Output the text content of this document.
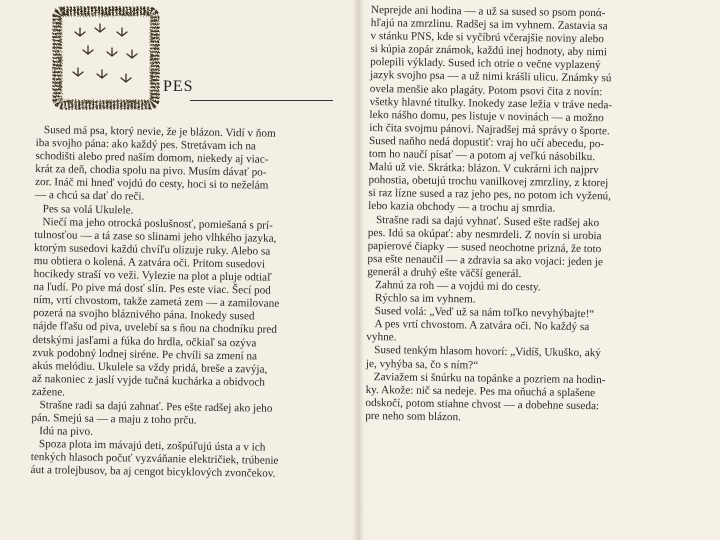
PES
Sused má psa, ktorý nevie, že je blázon. Vidí v ňom
iba svojho pána: ako každý pes. Stretávam ich na
schodišti alebo pred naším domom, niekedy aj viac-
krát za deň, chodia spolu na pivo. Musím dávať po-
zor. Ináč mi hneď vojdú do cesty, hoci si to neželám
— a chcú sa dať do reči.
Pes sa volá Ukulele.
Niečí ma jeho otrocká poslušnosť, pomiešaná s prí-
tulnosťou — a tá zase so slinami jeho vlhkého jazyka,
ktorým susedovi každú chvíľu olizuje ruky. Alebo sa
mu obtiera o kolená. A zatvára oči. Pritom susedovi
hocikedy straší vo veži. Vylezie na plot a pluje odtiaľ
na ľudí. Po pive má dosť slín. Pes este viac. Šecí pod
ním, vrtí chvostom, takže zametá zem — a zamilovane
pozerá na svojho bláznivého pána. Inokedy sused
nájde fľašu od piva, uvelebí sa s ňou na chodníku pred
detskými jasľami a fúka do hrdla, očkiaľ sa ozýva
zvuk podobný lodnej siréne. Pe chvíli sa zmení na
akús melódiu. Ukulele sa vždy pridá, breše a zavýja,
až nakoniec z jaslí vyjde tučná kuchárka a obidvoch
zažene.
Strašne radi sa dajú zahnať. Pes ešte radšej ako jeho
pán. Smejú sa — a maju z toho prču.
Idú na pivo.
Spoza plota im mávajú deti, zošpúľujú ústa a v ich
tenkých hlasoch počuť vyzváňanie električiek, trúbenie
áut a trolejbusov, ba aj cengot bicyklových zvončekov.
Neprejde ani hodina — a už sa sused so psom ponά-
hľajú na zmrzlinu. Radšej sa im vyhnem. Zastavia sa
v stánku PNS, kde si vyčíbrú včerajšie noviny alebo
si kúpia zopár známok, každú inej hodnoty, aby nimi
polepili výklady. Sused ich otrie o večne vyplazený
jazyk svojho psa — a už nimi krášli ulicu. Známky sú
ovela menšie ako plagáty. Potom psovi čita z novín:
všetky hlavné titulky. Inokedy zase ležia v tráve neda-
leko nášho domu, pes listuje v novinách — a možno
ich čita svojmu pánovi. Najradšej má správy o športe.
Sused naňho nedá dopustiť: vraj ho učí abecedu, po-
tom ho naučí písať — a potom aj veľkú násobilku.
Malú už vie. Skrátka: blázon. V cukrárni ich najprv
pohostia, obetujú trochu vanilkovej zmrzliny, z ktorej
si raz lízne sused a raz jeho pes, no potom ich vyženú,
lebo kazia obchody — a trochu aj smrdia.
Strašne radi sa dajú vyhnať. Sused ešte radšej ako
pes. Idú sa okúpať: aby nesmrdeli. Z novín si urobia
papierové čiapky — sused neochotne prizná, že toto
psa ešte nenaučil — a zdravia sa ako vojaci: jeden je
generál a druhý ešte väčší generál.
Zahnú za roh — a vojdú mi do cesty.
Rýchlo sa im vyhnem.
Sused volá: „Veď už sa nám toľko nevyhýbajte!“
A pes vrtí chvostom. A zatvára oči. No každý sa
vyhne.
Sused tenkým hlasom hovorí: „Vidíš, Ukuško, aký
je, vyhýba sa, čo s ním?“
Zaviažem si šnúrku na topánke a pozriem na hodin-
ky. Akože: nič sa nedeje. Pes ma oňuchá a splašene
odskočí, potom stiahne chvost — a dobehne suseda:
pre neho som blázon.
